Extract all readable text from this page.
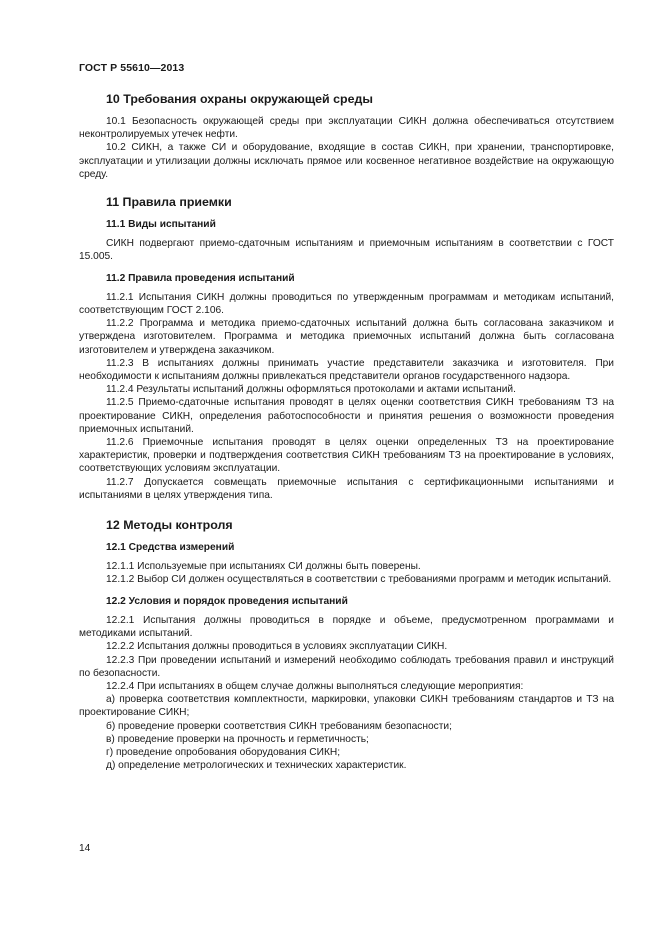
ГОСТ Р 55610—2013
10 Требования охраны окружающей среды

10.1 Безопасность окружающей среды при эксплуатации СИКН должна обеспечиваться отсутствием неконтролируемых утечек нефти.

10.2 СИКН, а также СИ и оборудование, входящие в состав СИКН, при хранении, транспортировке, эксплуатации и утилизации должны исключать прямое или косвенное негативное воздействие на окружающую среду.

11 Правила приемки
11.1 Виды испытаний

СИКН подвергают приемо-сдаточным испытаниям и приемочным испытаниям в соответствии с ГОСТ 15.005.

11.2 Правила проведения испытаний

11.2.1 Испытания СИКН должны проводиться по утвержденным программам и методикам испытаний, соответствующим ГОСТ 2.106.

11.2.2 Программа и методика приемо-сдаточных испытаний должна быть согласована заказчиком и утверждена изготовителем. Программа и методика приемочных испытаний должна быть согласована изготовителем и утверждена заказчиком.

11.2.3 В испытаниях должны принимать участие представители заказчика и изготовителя. При необходимости к испытаниям должны привлекаться представители органов государственного надзора.

11.2.4 Результаты испытаний должны оформляться протоколами и актами испытаний.

11.2.5 Приемо-сдаточные испытания проводят в целях оценки соответствия СИКН требованиям ТЗ на проектирование СИКН, определения работоспособности и принятия решения о возможности проведения приемочных испытаний.

11.2.6 Приемочные испытания проводят в целях оценки определенных ТЗ на проектирование характеристик, проверки и подтверждения соответствия СИКН требованиям ТЗ на проектирование в условиях, соответствующих условиям эксплуатации.

11.2.7 Допускается совмещать приемочные испытания с сертификационными испытаниями и испытаниями в целях утверждения типа.

12 Методы контроля
12.1 Средства измерений

12.1.1 Используемые при испытаниях СИ должны быть поверены.

12.1.2 Выбор СИ должен осуществляться в соответствии с требованиями программ и методик испытаний.

12.2 Условия и порядок проведения испытаний

12.2.1 Испытания должны проводиться в порядке и объеме, предусмотренном программами и методиками испытаний.

12.2.2 Испытания должны проводиться в условиях эксплуатации СИКН.

12.2.3 При проведении испытаний и измерений необходимо соблюдать требования правил и инструкций по безопасности.

12.2.4 При испытаниях в общем случае должны выполняться следующие мероприятия:

а) проверка соответствия комплектности, маркировки, упаковки СИКН требованиям стандартов и ТЗ на проектирование СИКН;

б) проведение проверки соответствия СИКН требованиям безопасности;

в) проведение проверки на прочность и герметичность;

г) проведение опробования оборудования СИКН;

д) определение метрологических и технических характеристик.

14
